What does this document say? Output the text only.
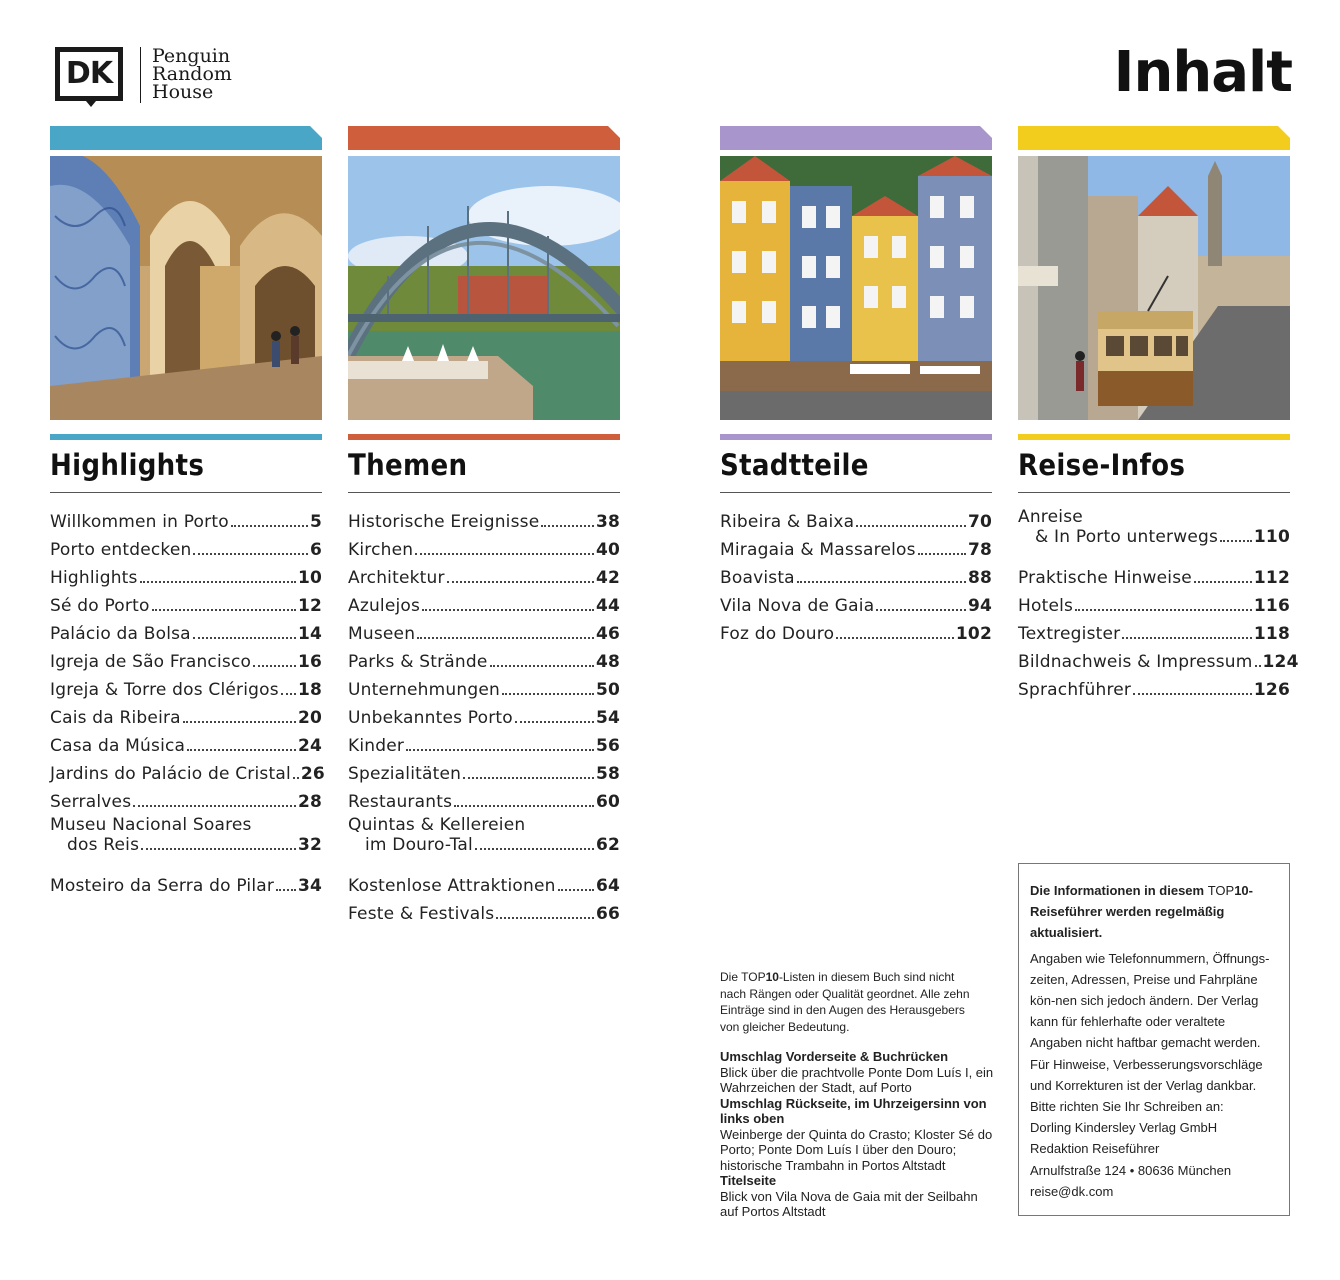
DK Penguin
Random
House	Inhalt
Highlights
Willkommen in Porto	5
Porto entdecken	6
Highlights	10
Sé do Porto	12
Palácio da Bolsa	14
Igreja de São Francisco	16
Igreja & Torre dos Clérigos 18
Cais da Ribeira	20
Casa da Música	24
Jardins do Palácio de Cristal 26
Serralves	28
Museu Nacional Soares
dos Reis	32
Mosteiro da Serra do Pilar 34
Themen
Historische Ereignisse	38
Kirchen	40
Architektur	42
Azulejos	44
Museen	46
Parks & Strände	48
Unternehmungen	50
Unbekanntes Porto	54
Kinder	56
Spezialitäten	58
Restaurants	60
Quintas & Kellereien
im Douro-Tal	62
Kostenlose Attraktionen 64
Feste & Festivals	66
Stadtteile
Ribeira & Baixa	70
Miragaia & Massarelos	78
Boavista	88
Vila Nova de Gaia	94
Foz do Douro	102
Reise-Infos
Anreise
& In Porto unterwegs 110
Praktische Hinweise	112
Hotels	116
Textregister	118
Bildnachweis & Impressum 124
Sprachführer	126
Die TOP10-Listen in diesem Buch sind nicht nach Rängen oder Qualität geordnet. Alle zehn Einträge sind in den Augen des Herausgebers von gleicher Bedeutung.
Umschlag Vorderseite & Buchrücken
Blick über die prachtvolle Ponte Dom Luís I, ein Wahrzeichen der Stadt, auf Porto
Umschlag Rückseite, im Uhrzeigersinn von links oben
Weinberge der Quinta do Crasto; Kloster Sé do Porto; Ponte Dom Luís I über den Douro; historische Trambahn in Portos Altstadt
Titelseite
Blick von Vila Nova de Gaia mit der Seilbahn auf Portos Altstadt
Die Informationen in diesem TOP10-Reiseführer werden regelmäßig aktualisiert.
Angaben wie Telefonnummern, Öffnungs-zeiten, Adressen, Preise und Fahrpläne kön-nen sich jedoch ändern. Der Verlag kann für fehlerhafte oder veraltete Angaben nicht haftbar gemacht werden. Für Hinweise, Verbesserungsvorschläge und Korrekturen ist der Verlag dankbar. Bitte richten Sie Ihr Schreiben an:
Dorling Kindersley Verlag GmbH
Redaktion Reiseführer
Arnulfstraße 124 • 80636 München
reise@dk.com
